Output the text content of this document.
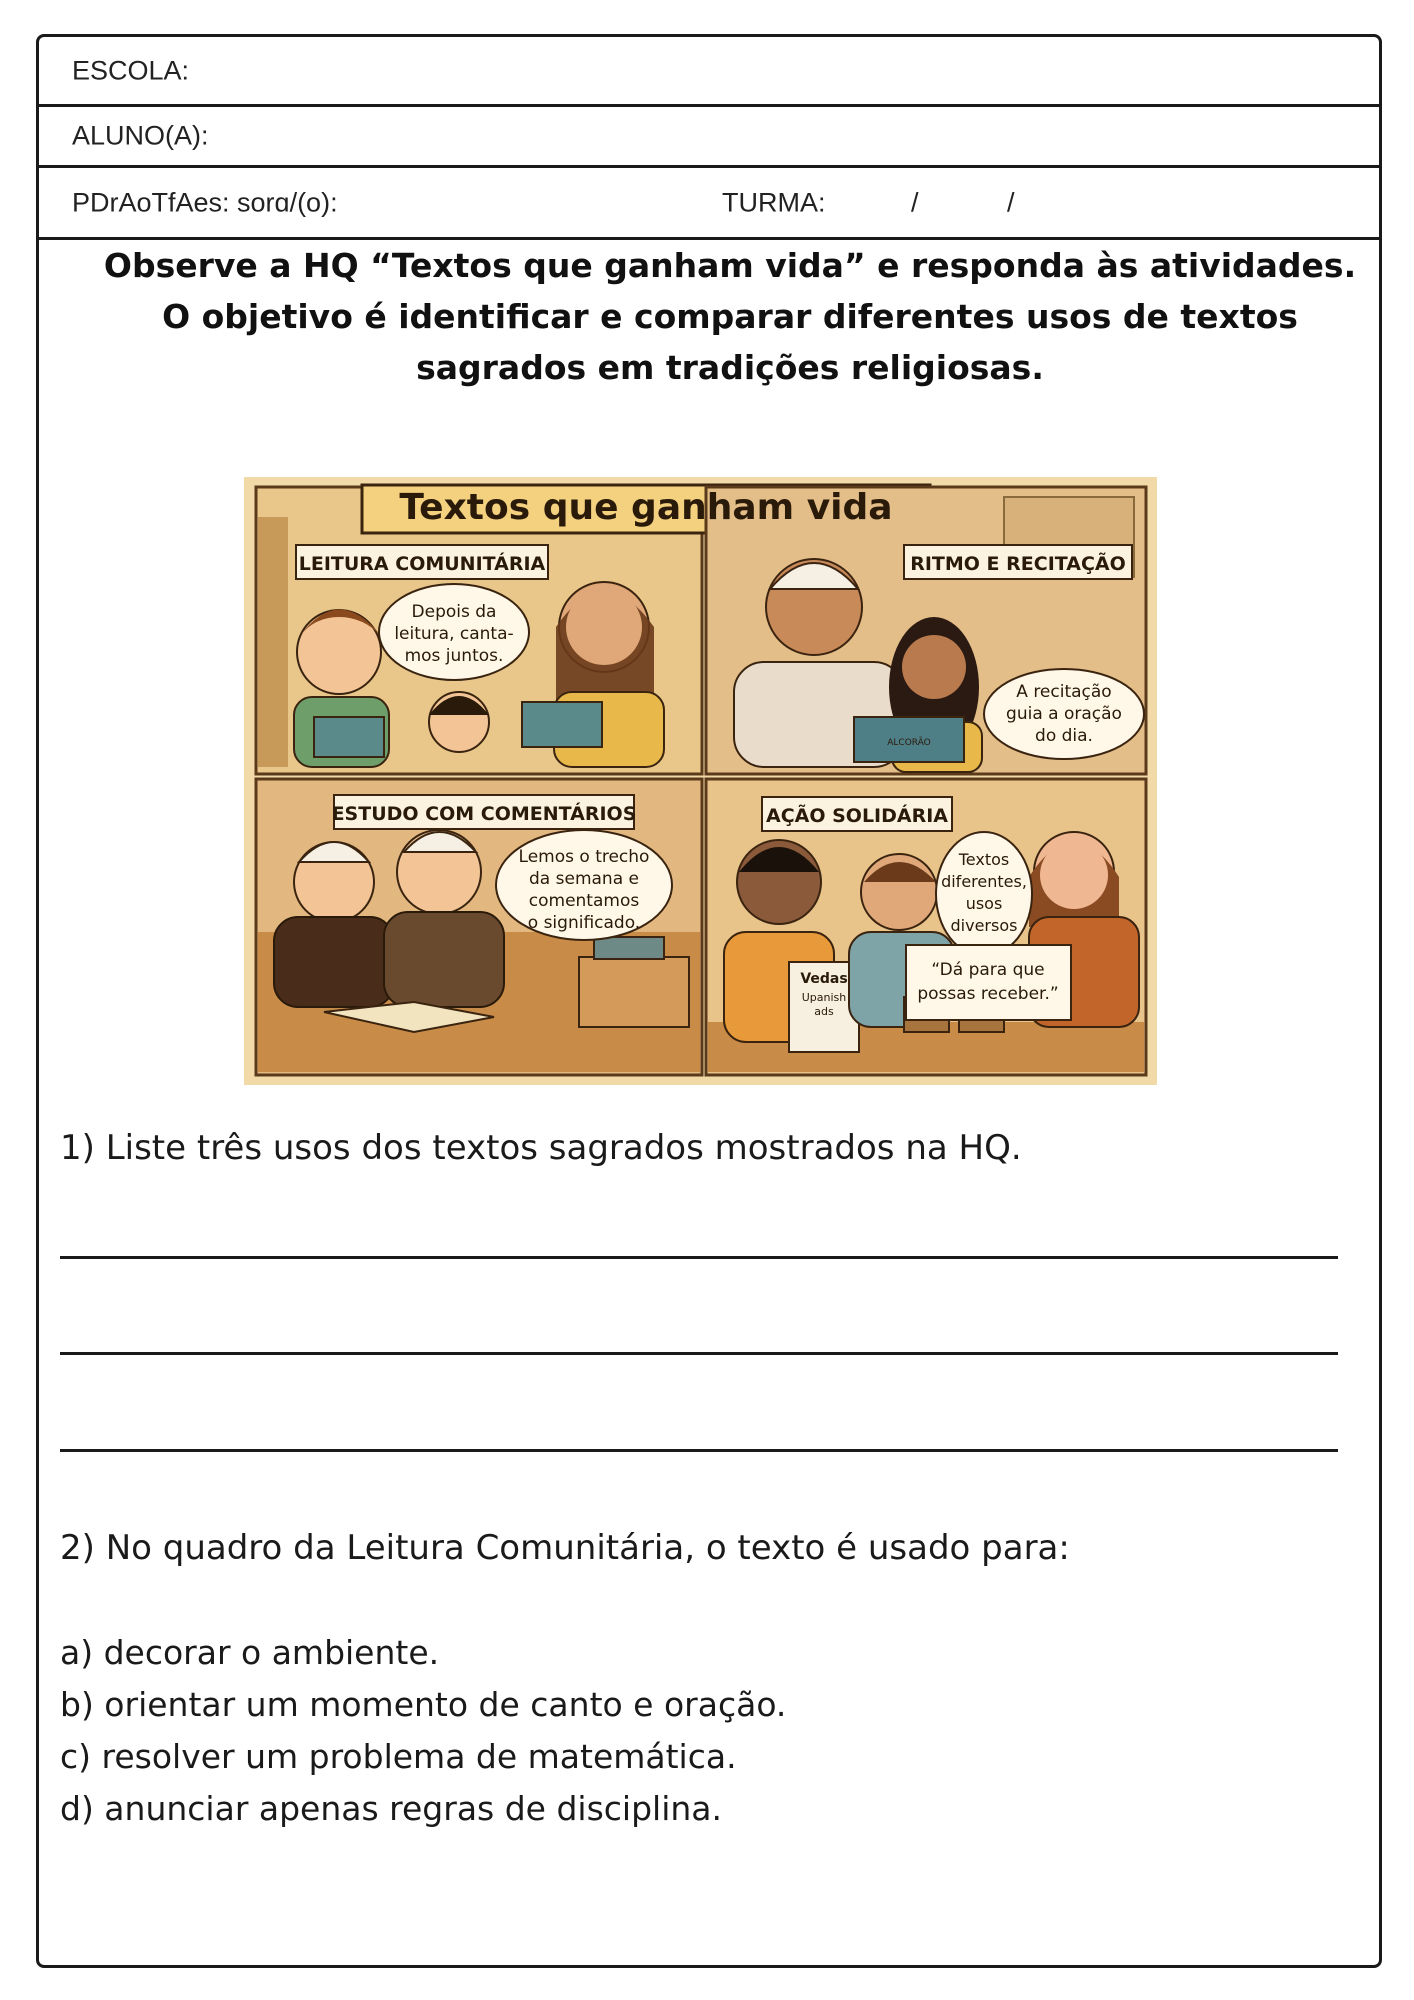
ESCOLA:
ALUNO(A):
PDrAoTfAes: sorɑ/(o):	TURMA:	/	/
Observe a HQ “Textos que ganham vida” e responda às atividades.
O objetivo é identificar e comparar diferentes usos de textos
sagrados em tradições religiosas.
Textos que ganham vida
LEITURA COMUNITÁRIA	RITMO E RECITAÇÃO
ESTUDO COM COMENTÁRIOS	AÇÃO SOLIDÁRIA
Depois da
leitura, canta-
mos juntos.
A recitação
guia a oração
do dia.
ALCORÃO
Lemos o trecho
da semana e
comentamos
o significado.
Textos
diferentes,
usos
diversos
“Dá para que
possas receber.”
Vedas
Upanish
ads
1) Liste três usos dos textos sagrados mostrados na HQ.
2) No quadro da Leitura Comunitária, o texto é usado para:
a) decorar o ambiente.
b) orientar um momento de canto e oração.
c) resolver um problema de matemática.
d) anunciar apenas regras de disciplina.
